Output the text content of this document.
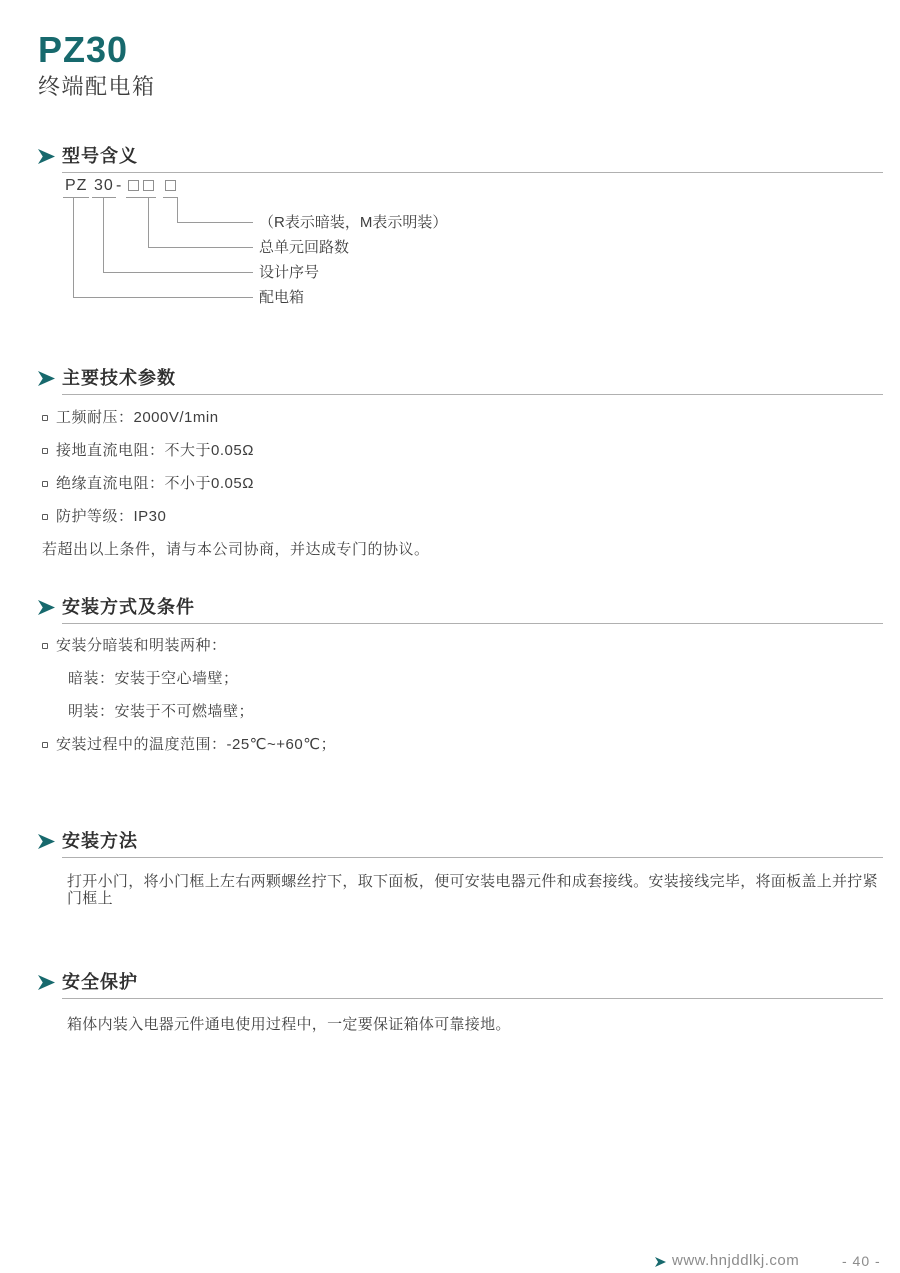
PZ30
终端配电箱
型号含义
PZ 30 -
（R表示暗装，M表示明装）
总单元回路数
设计序号
配电箱
主要技术参数
工频耐压：2000V/1min
接地直流电阻：不大于0.05Ω
绝缘直流电阻：不小于0.05Ω
防护等级：IP30
若超出以上条件，请与本公司协商，并达成专门的协议。
安装方式及条件
安装分暗装和明装两种：
暗装：安装于空心墙壁；
明装：安装于不可燃墙壁；
安装过程中的温度范围：-25℃~+60℃；
安装方法
打开小门，将小门框上左右两颗螺丝拧下，取下面板，便可安装电器元件和成套接线。安装接线完毕，将面板盖上并拧紧门框上
安全保护
箱体内装入电器元件通电使用过程中，一定要保证箱体可靠接地。
www.hnjddlkj.com	- 40 -
